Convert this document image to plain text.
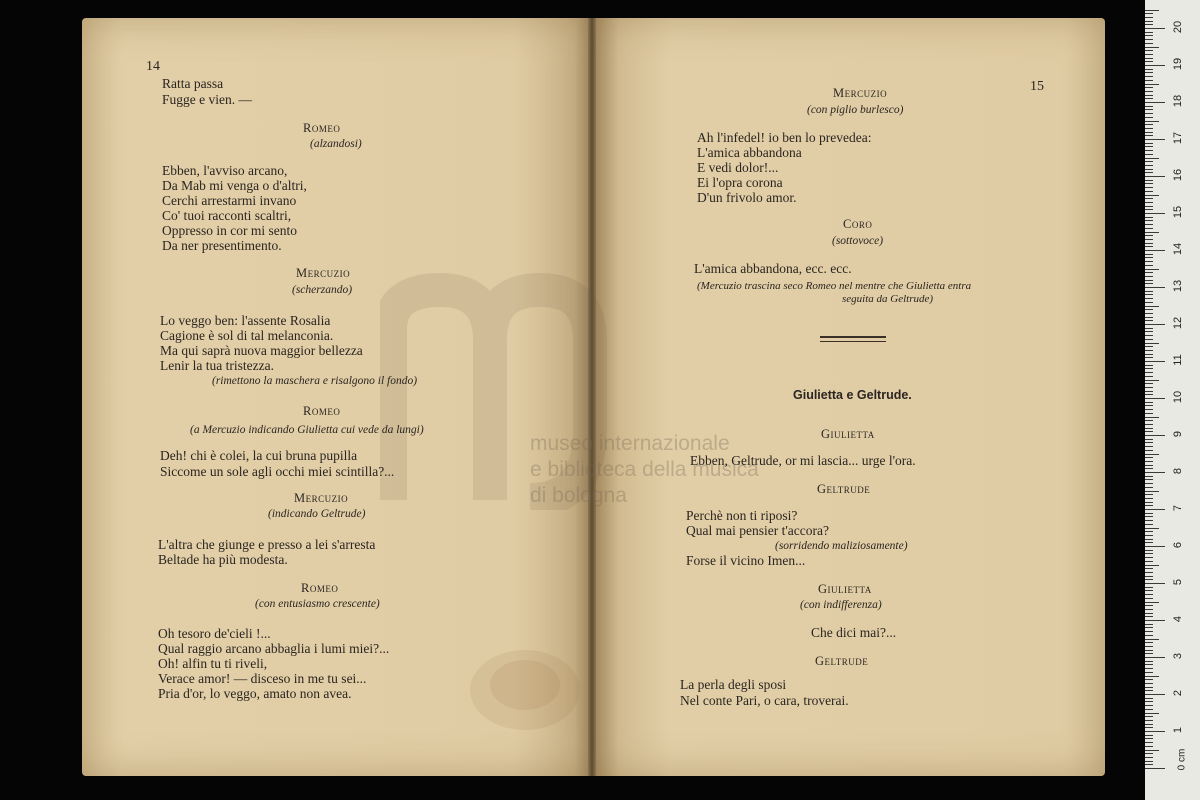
museo internazionale
e biblioteca della musica
di bologna
14
Ratta passa
Fugge e vien. —
Romeo
(alzandosi)
Ebben, l'avviso arcano,
Da Mab mi venga o d'altri,
Cerchi arrestarmi invano
Co' tuoi racconti scaltri,
Oppresso in cor mi sento
Da ner presentimento.
Mercuzio
(scherzando)
Lo veggo ben: l'assente Rosalia
Cagione è sol di tal melanconia.
Ma qui saprà nuova maggior bellezza
Lenir la tua tristezza.
(rimettono la maschera e risalgono il fondo)
Romeo
(a Mercuzio indicando Giulietta cui vede da lungi)
Deh! chi è colei, la cui bruna pupilla
Siccome un sole agli occhi miei scintilla?...
Mercuzio
(indicando Geltrude)
L'altra che giunge e presso a lei s'arresta
Beltade ha più modesta.
Romeo
(con entusiasmo crescente)
Oh tesoro de'cieli !...
Qual raggio arcano abbaglia i lumi miei?...
Oh! alfin tu ti riveli,
Verace amor! — disceso in me tu sei...
Pria d'or, lo veggo, amato non avea.
15
Mercuzio
(con piglio burlesco)
Ah l'infedel! io ben lo prevedea:
L'amica abbandona
E vedi dolor!...
Ei l'opra corona
D'un frivolo amor.
Coro
(sottovoce)
L'amica abbandona, ecc. ecc.
(Mercuzio trascina seco Romeo nel mentre che Giulietta entra
seguita da Geltrude)
Giulietta e Geltrude.
Giulietta
Ebben, Geltrude, or mi lascia... urge l'ora.
Geltrude
Perchè non ti riposi?
Qual mai pensier t'accora?
(sorridendo maliziosamente)
Forse il vicino Imen...
Giulietta
(con indifferenza)
Che dici mai?...
Geltrude
La perla degli sposi
Nel conte Pari, o cara, troverai.
0 cm
1
2
3
4
5
6
7
8
9
10
11
12
13
14
15
16
17
18
19
20
